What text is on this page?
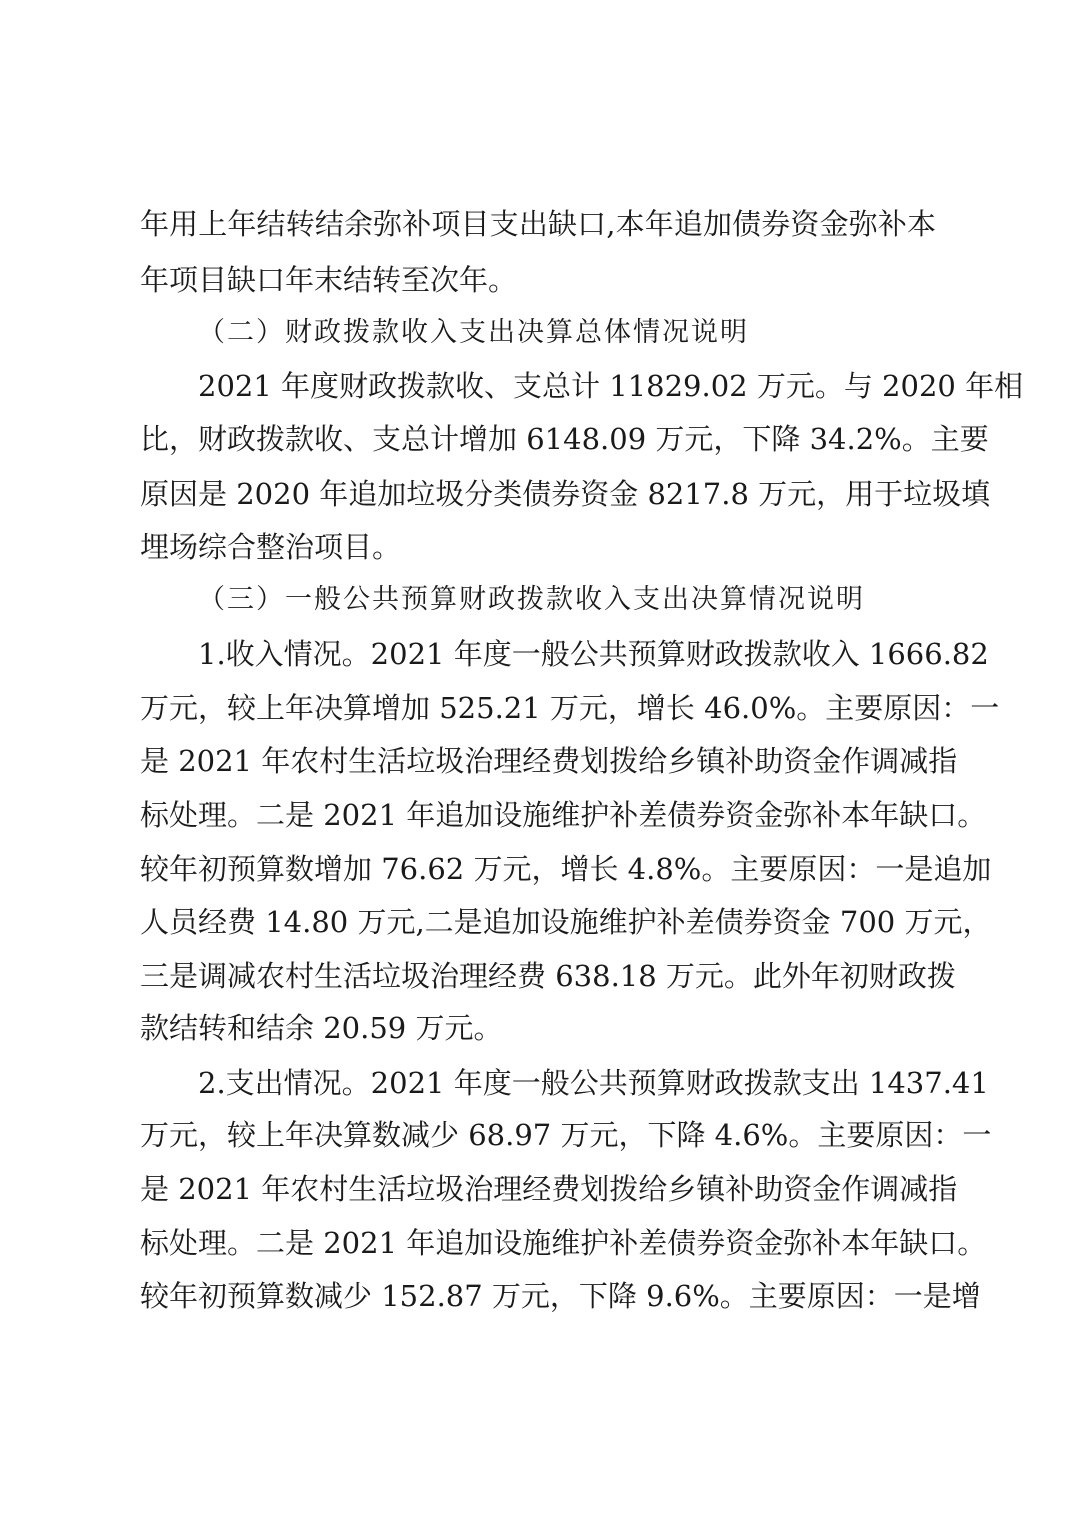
年用上年结转结余弥补项目支出缺口,本年追加债券资金弥补本
年项目缺口年末结转至次年。
（二）财政拨款收入支出决算总体情况说明
2021 年度财政拨款收、支总计 11829.02 万元。与 2020 年相
比，财政拨款收、支总计增加 6148.09 万元，下降 34.2%。主要
原因是 2020 年追加垃圾分类债券资金 8217.8 万元，用于垃圾填
埋场综合整治项目。
（三）一般公共预算财政拨款收入支出决算情况说明
1.收入情况。2021 年度一般公共预算财政拨款收入 1666.82
万元，较上年决算增加 525.21 万元，增长 46.0%。主要原因：一
是 2021 年农村生活垃圾治理经费划拨给乡镇补助资金作调减指
标处理。二是 2021 年追加设施维护补差债券资金弥补本年缺口。
较年初预算数增加 76.62 万元，增长 4.8%。主要原因：一是追加
人员经费 14.80 万元,二是追加设施维护补差债券资金 700 万元，
三是调减农村生活垃圾治理经费 638.18 万元。此外年初财政拨
款结转和结余 20.59 万元。
2.支出情况。2021 年度一般公共预算财政拨款支出 1437.41
万元，较上年决算数减少 68.97 万元，下降 4.6%。主要原因：一
是 2021 年农村生活垃圾治理经费划拨给乡镇补助资金作调减指
标处理。二是 2021 年追加设施维护补差债券资金弥补本年缺口。
较年初预算数减少 152.87 万元，下降 9.6%。主要原因：一是增
